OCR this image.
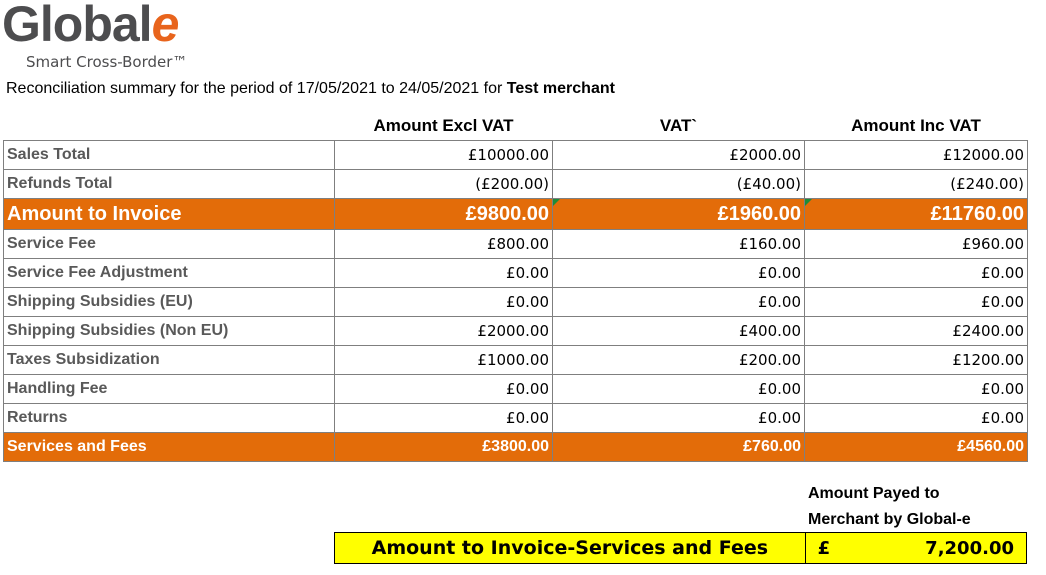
Globale
Smart Cross-Border™
Reconciliation summary for the period of 17/05/2021 to 24/05/2021 for Test merchant
	Amount Excl VAT	VAT`	Amount Inc VAT
Sales Total	£10000.00	£2000.00	£12000.00
Refunds Total	(£200.00)	(£40.00)	(£240.00)
Amount to Invoice	£9800.00	£1960.00	£11760.00
Service Fee	£800.00	£160.00	£960.00
Service Fee Adjustment	£0.00	£0.00	£0.00
Shipping Subsidies (EU)	£0.00	£0.00	£0.00
Shipping Subsidies (Non EU)	£2000.00	£400.00	£2400.00
Taxes Subsidization	£1000.00	£200.00	£1200.00
Handling Fee	£0.00	£0.00	£0.00
Returns	£0.00	£0.00	£0.00
Services and Fees	£3800.00	£760.00	£4560.00
Amount Payed to
Merchant by Global-e
Amount to Invoice-Services and Fees	£	7,200.00
